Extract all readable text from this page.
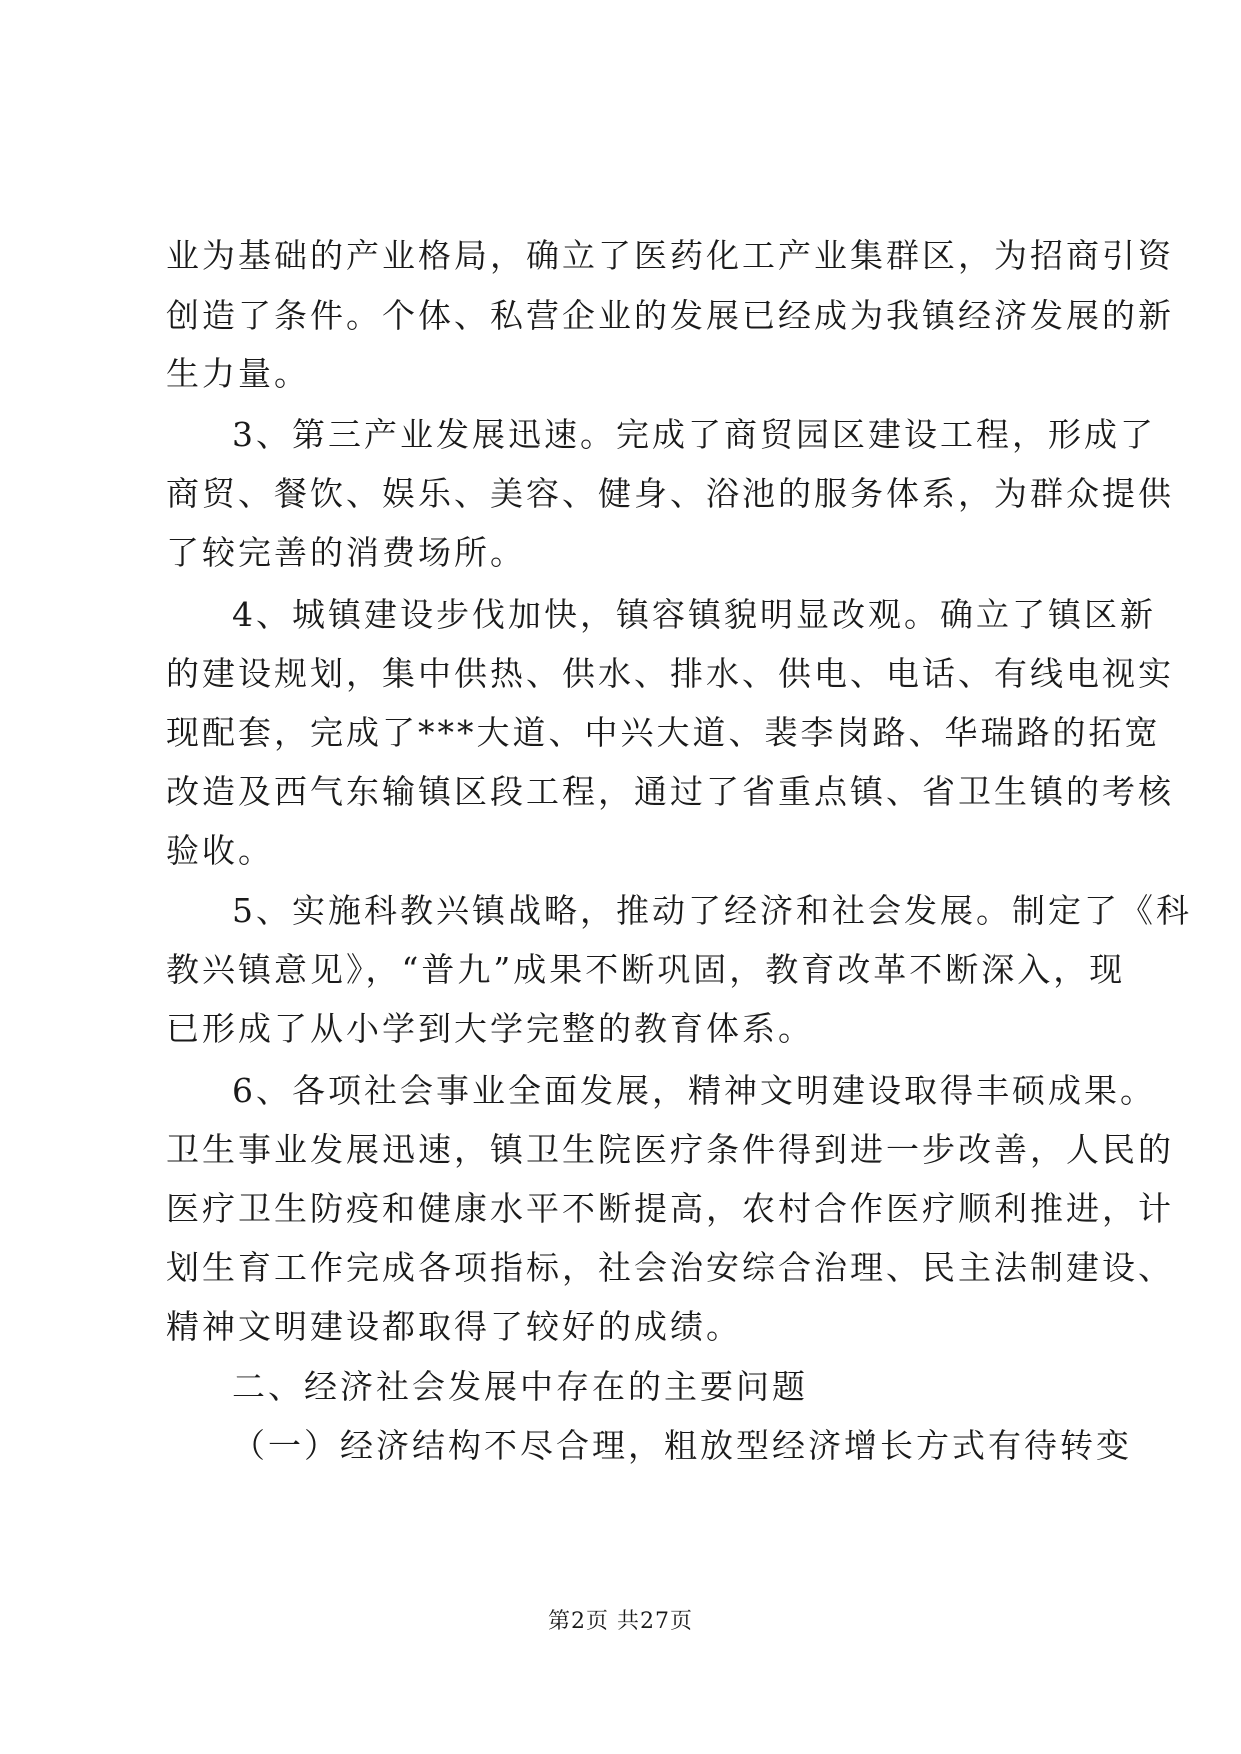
业为基础的产业格局，确立了医药化工产业集群区，为招商引资

创造了条件。个体、私营企业的发展已经成为我镇经济发展的新

生力量。

3、第三产业发展迅速。完成了商贸园区建设工程，形成了

商贸、餐饮、娱乐、美容、健身、浴池的服务体系，为群众提供

了较完善的消费场所。

4、城镇建设步伐加快，镇容镇貌明显改观。确立了镇区新

的建设规划，集中供热、供水、排水、供电、电话、有线电视实

现配套，完成了***大道、中兴大道、裴李岗路、华瑞路的拓宽

改造及西气东输镇区段工程，通过了省重点镇、省卫生镇的考核

验收。

5、实施科教兴镇战略，推动了经济和社会发展。制定了《科

教兴镇意见》，“普九”成果不断巩固，教育改革不断深入，现

已形成了从小学到大学完整的教育体系。

6、各项社会事业全面发展，精神文明建设取得丰硕成果。

卫生事业发展迅速，镇卫生院医疗条件得到进一步改善，人民的

医疗卫生防疫和健康水平不断提高，农村合作医疗顺利推进，计

划生育工作完成各项指标，社会治安综合治理、民主法制建设、

精神文明建设都取得了较好的成绩。

二、经济社会发展中存在的主要问题

（一）经济结构不尽合理，粗放型经济增长方式有待转变

第2页 共27页
